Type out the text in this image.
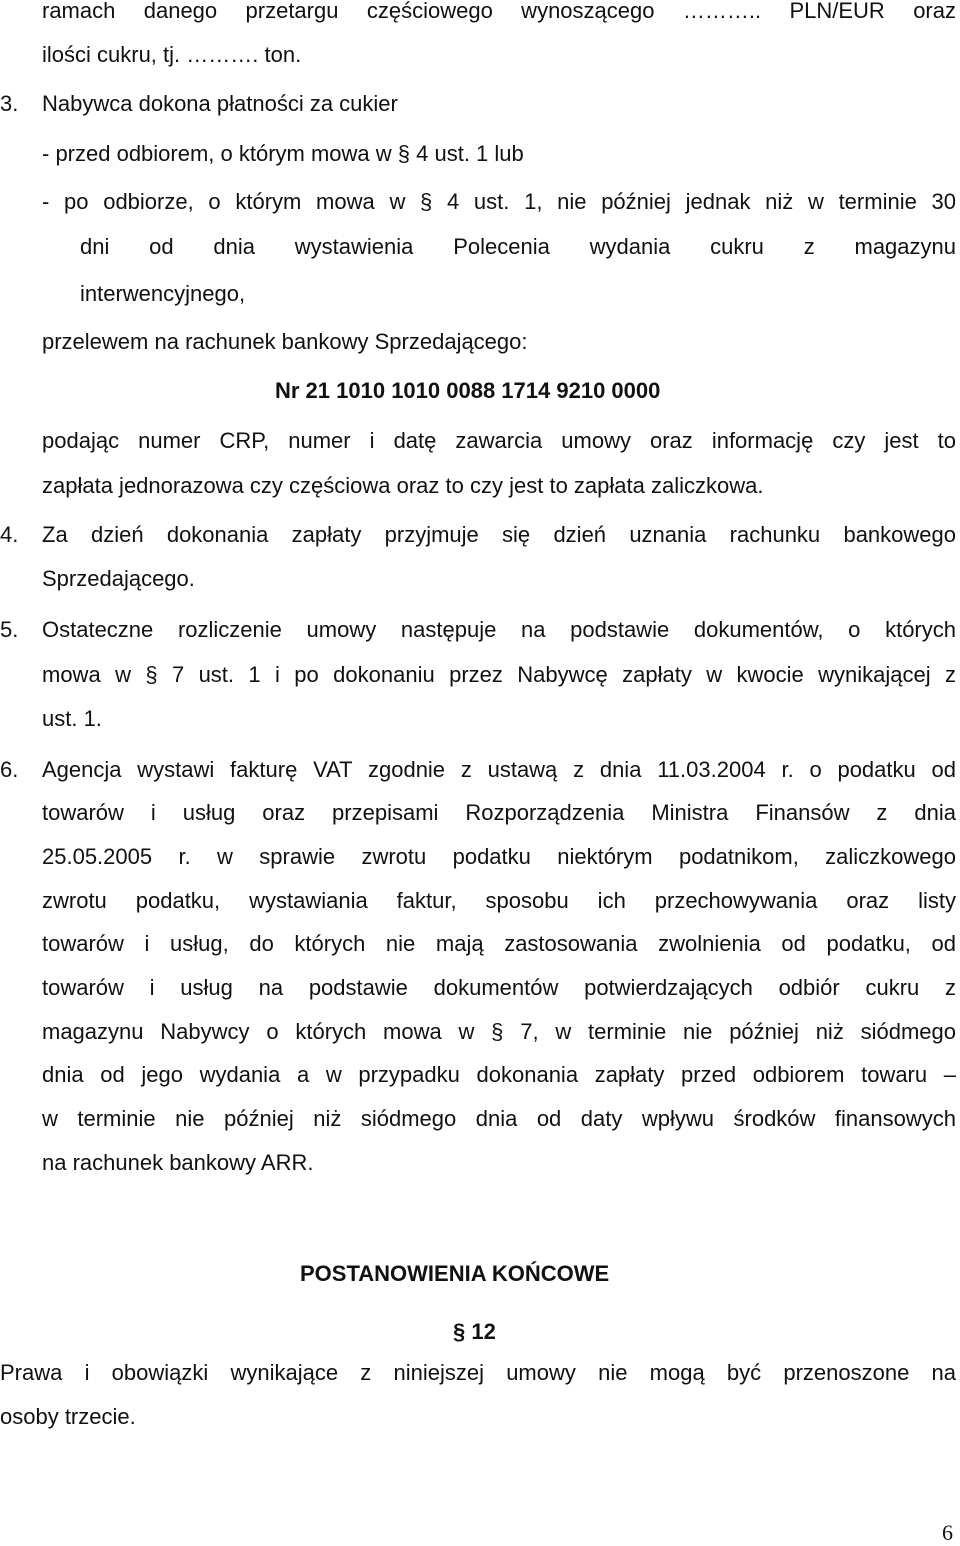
ramach danego przetargu częściowego wynoszącego ……….. PLN/EUR oraz
ilości cukru, tj. ………. ton.
3. Nabywca dokona płatności za cukier
- przed odbiorem, o którym mowa w § 4 ust. 1 lub
- po odbiorze, o którym mowa w § 4 ust. 1, nie później jednak niż w terminie 30
dni od dnia wystawienia Polecenia wydania cukru z magazynu
interwencyjnego,
przelewem na rachunek bankowy Sprzedającego:
Nr 21 1010 1010 0088 1714 9210 0000
podając numer CRP, numer i datę zawarcia umowy oraz informację czy jest to
zapłata jednorazowa czy częściowa oraz to czy jest to zapłata zaliczkowa.
4. Za dzień dokonania zapłaty przyjmuje się dzień uznania rachunku bankowego
Sprzedającego.
5. Ostateczne rozliczenie umowy następuje na podstawie dokumentów, o których
mowa w § 7 ust. 1 i po dokonaniu przez Nabywcę zapłaty w kwocie wynikającej z
ust. 1.
6. Agencja wystawi fakturę VAT zgodnie z ustawą z dnia 11.03.2004 r. o podatku od
towarów i usług oraz przepisami Rozporządzenia Ministra Finansów z dnia
25.05.2005 r. w sprawie zwrotu podatku niektórym podatnikom, zaliczkowego
zwrotu podatku, wystawiania faktur, sposobu ich przechowywania oraz listy
towarów i usług, do których nie mają zastosowania zwolnienia od podatku, od
towarów i usług na podstawie dokumentów potwierdzających odbiór cukru z
magazynu Nabywcy o których mowa w § 7, w terminie nie później niż siódmego
dnia od jego wydania a w przypadku dokonania zapłaty przed odbiorem towaru –
w terminie nie później niż siódmego dnia od daty wpływu środków finansowych
na rachunek bankowy ARR.
POSTANOWIENIA KOŃCOWE
§ 12
Prawa i obowiązki wynikające z niniejszej umowy nie mogą być przenoszone na
osoby trzecie.
6
